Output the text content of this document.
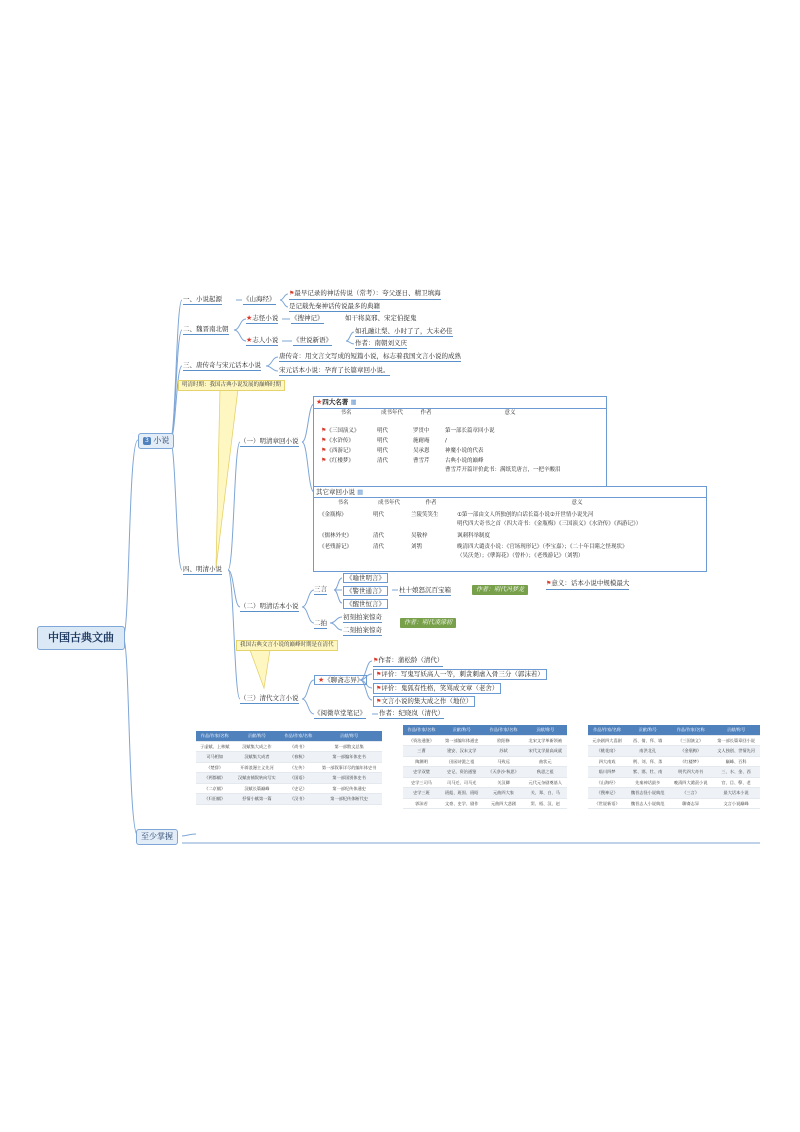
中国古典文曲
3 小说
至少掌握
一、小说起源	《山海经》
⚑最早记录的神话传说（常考）：夸父逐日、精卫填海
是记载先秦神话传说最多的典籍
二、魏晋南北朝
★志怪小说 《搜神记》	如干将莫邪、宋定伯捉鬼
★志人小说 《世说新语》
如孔融让梨、小时了了，大未必佳
作者：南朝刘义庆
三、唐传奇与宋元话本小说
唐传奇：用文言文写成的短篇小说，标志着我国文言小说的成熟
宋元话本小说：孕育了长篇章回小说。
明清时期：我国古典小说发展的巅峰时期
四、明清小说
（一）明清章回小说
★四大名著 ▦
书名	成书年代	作者	意义

⚑《三国演义》	明代	罗贯中	第一部长篇章回小说
⚑《水浒传》	明代	施耐庵	/
⚑《西游记》	明代	吴承恩	神魔小说的代表
⚑《红楼梦》	清代	曹雪芹	古典小说的巅峰
			曹雪芹开篇评价此书：满纸荒唐言，一把辛酸泪
其它章回小说 ▦
书名	成书年代	作者	意义
《金瓶梅》	明代	兰陵笑笑生	①第一部由文人所独创的白话长篇小说②开世情小说先河
			明代四大奇书之首（四大奇书：《金瓶梅》《三国演义》《水浒传》《西游记》）
《儒林外史》	清代	吴敬梓	讽刺科举制度
《老残游记》	清代	刘鹗	晚清四大谴责小说：《官场现形记》（李宝嘉）；《二十年目睹之怪现状》
			（吴沃尧）；《孽海花》（曾朴）；《老残游记》（刘鹗）
（二）明清话本小说
三言
《喻世明言》
《警世通言》
《醒世恒言》
杜十娘怒沉百宝箱	作者：明代冯梦龙
⚑意义：话本小说中规模最大
二拍
初刻拍案惊奇
二刻拍案惊奇
作者：明代凌濛初
我国古典文言小说的巅峰时期是在清代
（三）清代文言小说
★《聊斋志异》
⚑作者：蒲松龄（清代）
⚑评价：写鬼写妖高人一等，刺贪刺虐入骨三分（郭沫若）
⚑评价：鬼狐有性格，笑骂成文章（老舍）
⚑文言小说的集大成之作（地位）
《阅微草堂笔记》 作者：纪晓岚（清代）
作品/作家/名称	贡献/称号	作品/作家/名称	贡献/称号
子虚赋、上林赋	汉赋集大成之作	《尚书》	第一部散文总集
司马相如	汉赋集大成者	《春秋》	第一部编年体史书
《楚辞》	开辟浪漫主义先河	《左传》	第一部叙事详尽的编年体史书
《两都赋》	汉赋由铺叙转向写实	《国语》	第一部国别体史书
《二京赋》	汉赋长篇巅峰	《史记》	第一部纪传体通史
《归田赋》	抒情小赋第一篇	《汉书》	第一部纪传体断代史
作品/作家/名称	贡献/称号	作品/作家/名称	贡献/称号
《资治通鉴》	第一部编年体通史	欧阳修	北宋文学革新领袖
三曹	建安、汉末文学	苏轼	宋代文学最高成就
陶渊明	田园诗派之祖	马致远	曲状元
史学双璧	史记、资治通鉴	《天净沙·秋思》	秋思之祖
史学三司马	司马迁、司马光	关汉卿	元代元杂剧奠基人
史学三班	班彪、班固、班昭	元曲四大家	关、郑、白、马
郭沫若	文豪、史学、剧作	元曲四大悲剧	窦、梧、汉、赵
作品/作家/名称	贡献/称号	作品/作家/名称	贡献/称号
元杂剧四大喜剧	西、倩、拜、墙	《三国演义》	第一部长篇章回小说
《桃花扇》	南洪北孔	《金瓶梅》	文人独创、世情先河
四大南戏	荆、刘、拜、杀	《红楼梦》	巅峰、百科
临川四梦	紫、邯、牡、南	明代四大奇书	三、水、金、西
《山海经》	先秦神话最多	晚清四大谴责小说	官、目、孽、老
《搜神记》	魏晋志怪小说典范	《三言》	最大话本小说
《世说新语》	魏晋志人小说典范	聊斋志异	文言小说巅峰
